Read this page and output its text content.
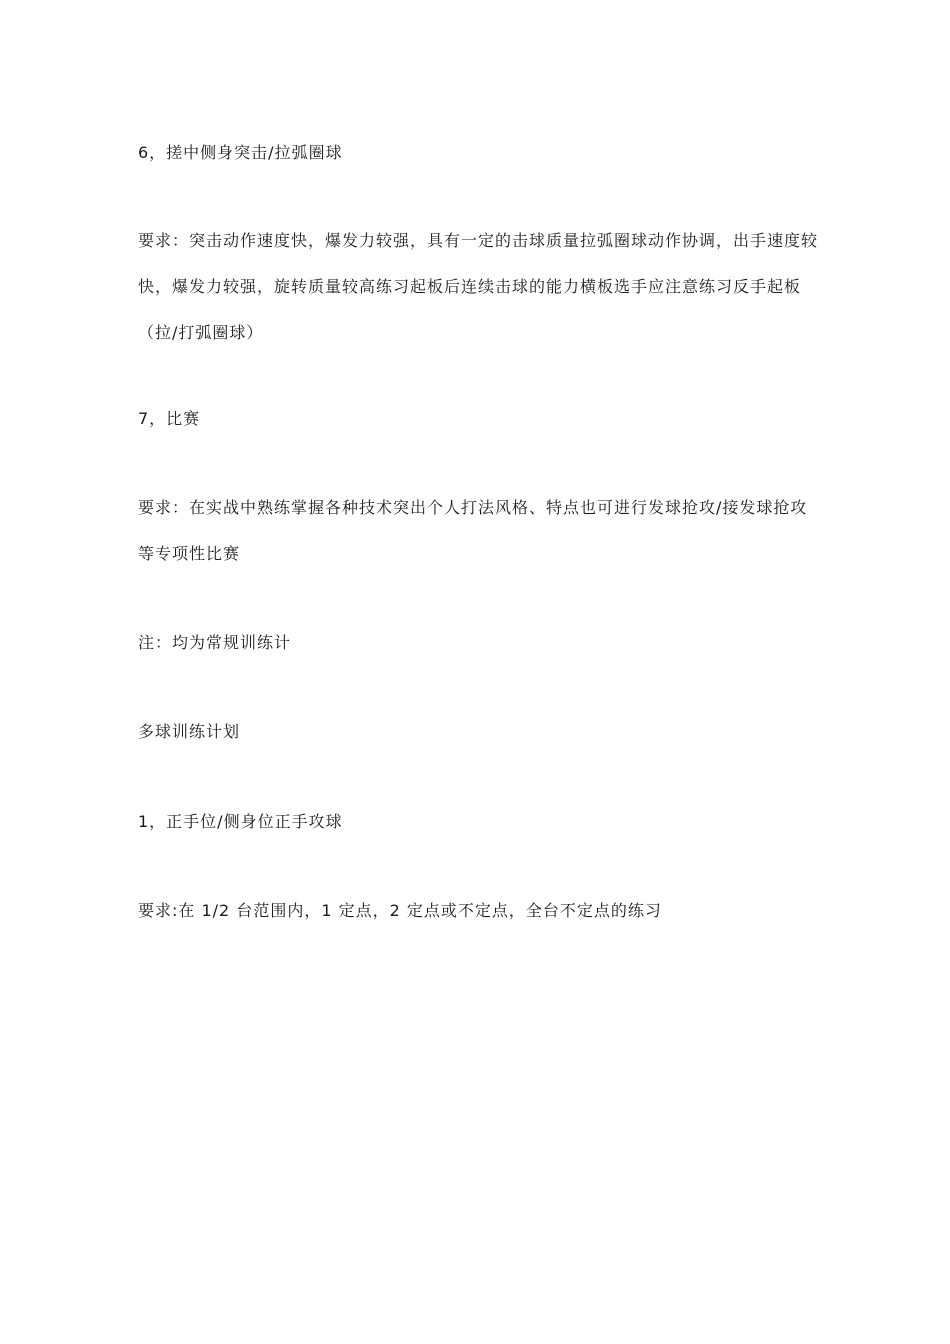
6，搓中侧身突击/拉弧圈球

要求：突击动作速度快，爆发力较强，具有一定的击球质量拉弧圈球动作协调，出手速度较快，爆发力较强，旋转质量较高练习起板后连续击球的能力横板选手应注意练习反手起板（拉/打弧圈球）

7，比赛

要求：在实战中熟练掌握各种技术突出个人打法风格、特点也可进行发球抢攻/接发球抢攻等专项性比赛

注：均为常规训练计

多球训练计划

1，正手位/侧身位正手攻球

要求:在 1/2 台范围内，1 定点，2 定点或不定点，全台不定点的练习
